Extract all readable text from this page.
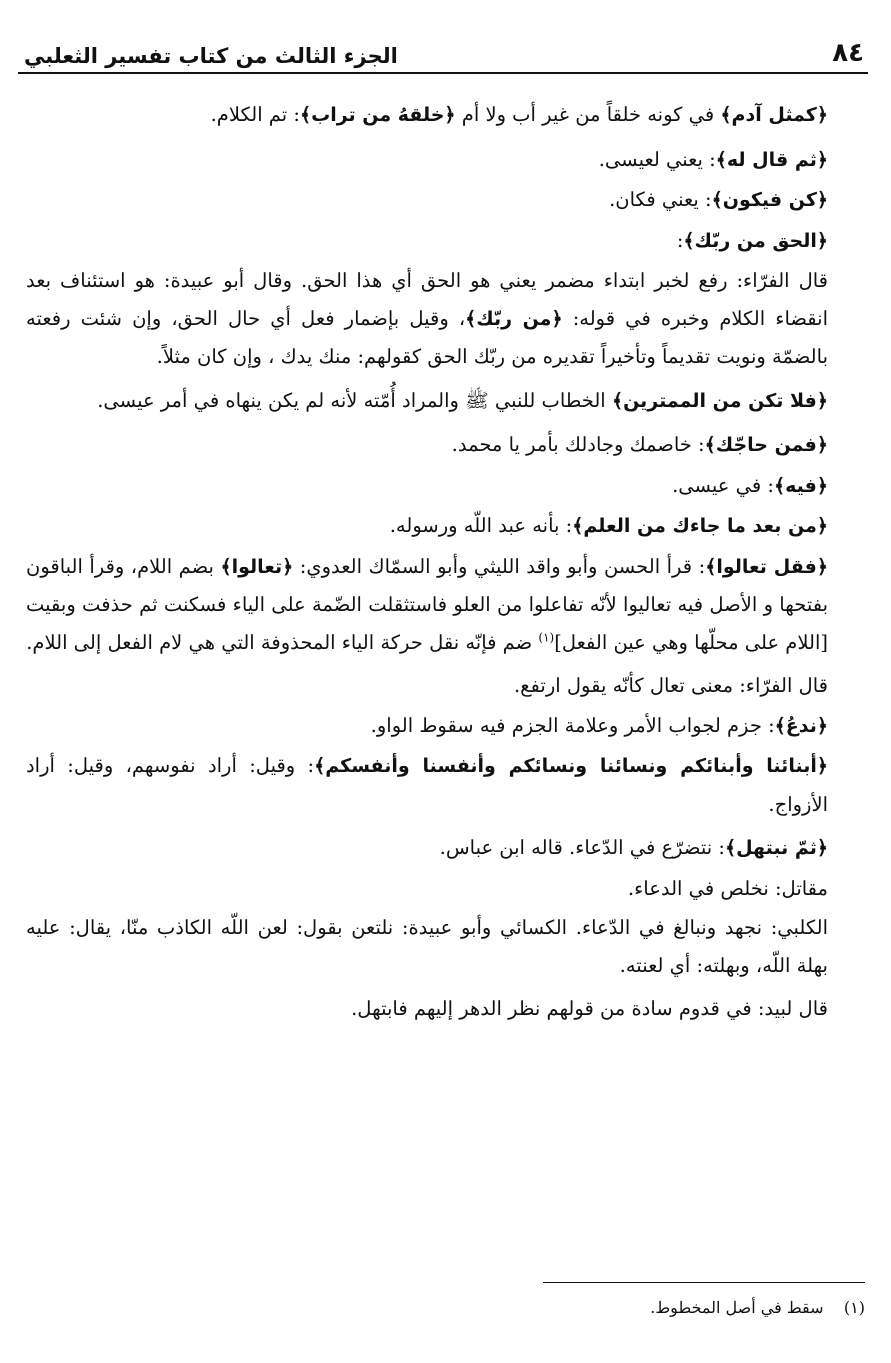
٨٤
الجزء الثالث من كتاب تفسير الثعلبي

﴿كمثل آدم﴾ في كونه خلقاً من غير أب ولا أم ﴿خلقهُ من تراب﴾: تم الكلام.

﴿ثم قال له﴾: يعني لعيسى.

﴿كن فيكون﴾: يعني فكان.

﴿الحق من ربّك﴾:

قال الفرّاء: رفع لخبر ابتداء مضمر يعني هو الحق أي هذا الحق. وقال أبو عبيدة: هو استئناف بعد انقضاء الكلام وخبره في قوله: ﴿من ربّك﴾، وقيل بإضمار فعل أي حال الحق، وإن شئت رفعته بالضمّة ونويت تقديماً وتأخيراً تقديره من ربّك الحق كقولهم: منك يدك ، وإن كان مثلاً.

﴿فلا تكن من الممترين﴾ الخطاب للنبي ﷺ والمراد أُمّته لأنه لم يكن ينهاه في أمر عيسى.

﴿فمن حاجّك﴾: خاصمك وجادلك بأمر يا محمد.

﴿فيه﴾: في عيسى.

﴿من بعد ما جاءك من العلم﴾: بأنه عبد اللّه ورسوله.

﴿فقل تعالوا﴾: قرأ الحسن وأبو واقد الليثي وأبو السمّاك العدوي: ﴿تعالوا﴾ بضم اللام، وقرأ الباقون بفتحها و الأصل فيه تعاليوا لأنّه تفاعلوا من العلو فاستثقلت الضّمة على الياء فسكنت ثم حذفت وبقيت [اللام على محلّها وهي عين الفعل]$^{(١)}$ ضم فإنّه نقل حركة الياء المحذوفة التي هي لام الفعل إلى اللام.

قال الفرّاء: معنى تعال كأنّه يقول ارتفع.

﴿ندعُ﴾: جزم لجواب الأمر وعلامة الجزم فيه سقوط الواو.

﴿أبنائنا وأبنائكم ونسائنا ونسائكم وأنفسنا وأنفسكم﴾: وقيل: أراد نفوسهم، وقيل: أراد الأزواج.

﴿ثمّ نبتهل﴾: نتضرّع في الدّعاء. قاله ابن عباس.

مقاتل: نخلص في الدعاء.

الكلبي: نجهد ونبالغ في الدّعاء. الكسائي وأبو عبيدة: نلتعن بقول: لعن اللّه الكاذب منّا، يقال: عليه بهلة اللّه، وبهلته: أي لعنته.

قال لبيد: في قدوم سادة من قولهم نظر الدهر إليهم فابتهل.

(١)    سقط في أصل المخطوط.
